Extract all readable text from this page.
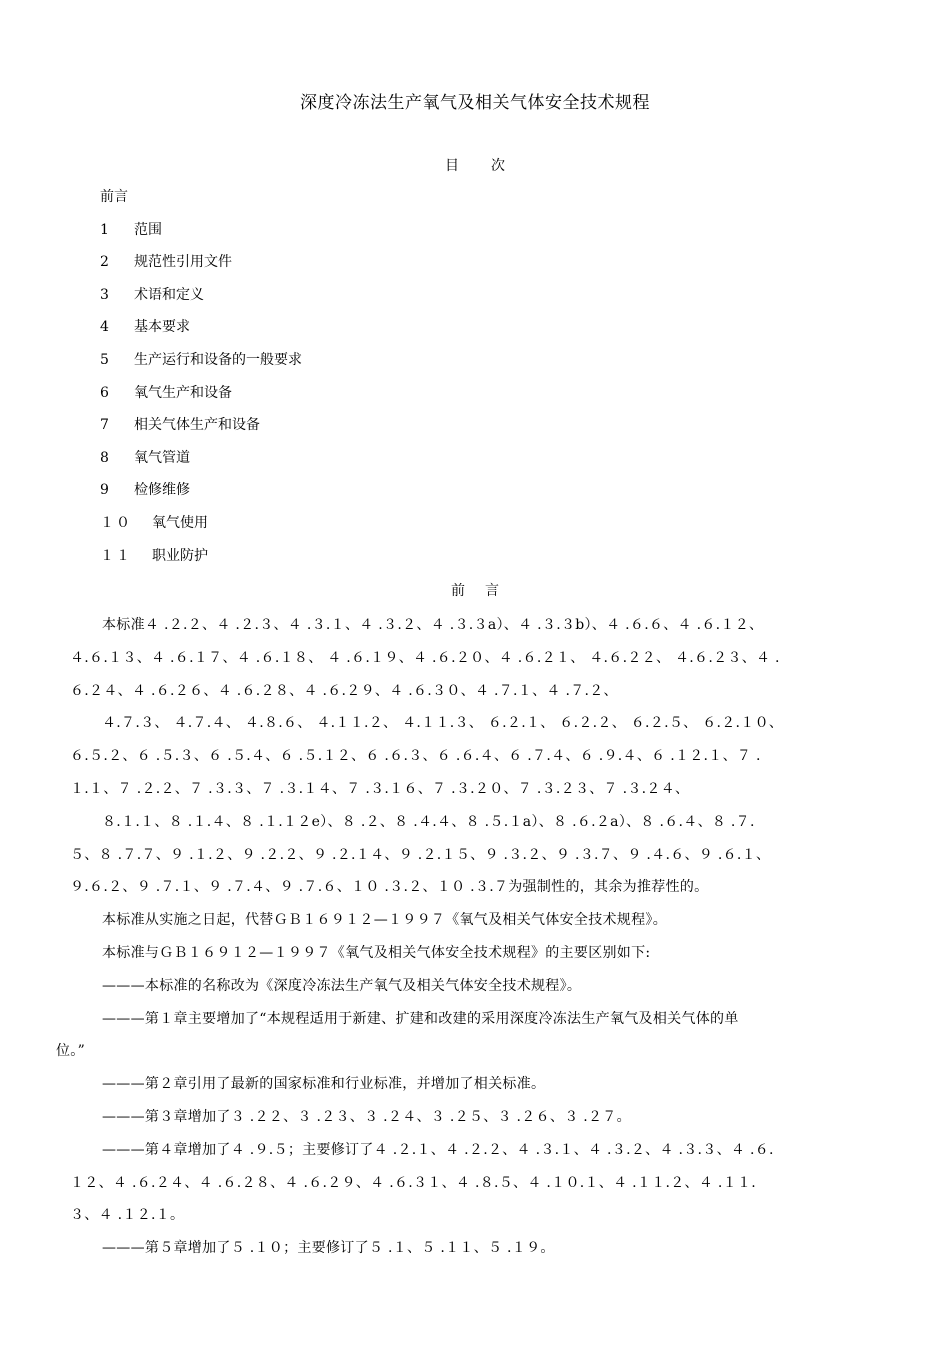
深度冷冻法生产氧气及相关气体安全技术规程
目 次
前言
1 范围
2 规范性引用文件
3 术语和定义
4 基本要求
5 生产运行和设备的一般要求
6 氧气生产和设备
7 相关气体生产和设备
8 氧气管道
9 检修维修
１０ 氧气使用
１１ 职业防护
前 言
本标准４ .２.２、４ .２.３、４ .３.１、４ .３.２、４ .３.３a）、４ .３.３b）、４ .６.６、４ .６.１２、
４.６.１３、４ .６.１７、４ .６.１８、 ４ .６.１９、４ .６.２０、４ .６.２１、 ４.６.２２、 ４.６.２３、４ .
６.２４、４ .６.２６、４ .６.２８、４ .６.２９、４ .６.３０、４ .７.１、４ .７.２、
４.７.３、 ４.７.４、 ４.８.６、 ４.１１.２、 ４.１１.３、 ６.２.１、 ６.２.２、 ６.２.５、 ６.２.１０、
６.５.２、６ .５.３、６ .５.４、６ .５.１２、６ .６.３、６ .６.４、６ .７.４、６ .９.４、６ .１２.１、７ .
１.１、７ .２.２、７ .３.３、７ .３.１４、７ .３.１６、７ .３.２０、７ .３.２３、７ .３.２４、
８.１.１、８ .１.４、８ .１.１２e）、８ .２、８ .４.４、８ .５.１a）、８ .６.２a）、８ .６.４、８ .７.
５、８ .７.７、９ .１.２、９ .２.２、９ .２.１４、９ .２.１５、９ .３.２、９ .３.７、９ .４.６、９ .６.１、
９.６.２、９ .７.１、９ .７.４、９ .７.６、１０ .３.２、１０ .３.７为强制性的，其余为推荐性的。
本标准从实施之日起，代替ＧＢ１６９１２—１９９７《氧气及相关气体安全技术规程》。
本标准与ＧＢ１６９１２—１９９７《氧气及相关气体安全技术规程》的主要区别如下:
———本标准的名称改为《深度冷冻法生产氧气及相关气体安全技术规程》。
———第１章主要增加了“本规程适用于新建、扩建和改建的采用深度冷冻法生产氧气及相关气体的单
位。”
———第２章引用了最新的国家标准和行业标准，并增加了相关标准。
———第３章增加了３ .２２、３ .２３、３ .２４、３ .２５、３ .２６、３ .２７。
———第４章增加了４ .９.５；主要修订了４ .２.１、４ .２.２、４ .３.１、４ .３.２、４ .３.３、４ .６.
１２、４ .６.２４、４ .６.２８、４ .６.２９、４ .６.３１、４ .８.５、４ .１０.１、４ .１１.２、４ .１１.
３、４ .１２.１。
———第５章增加了５ .１０；主要修订了５ .１、５ .１１、５ .１９。
